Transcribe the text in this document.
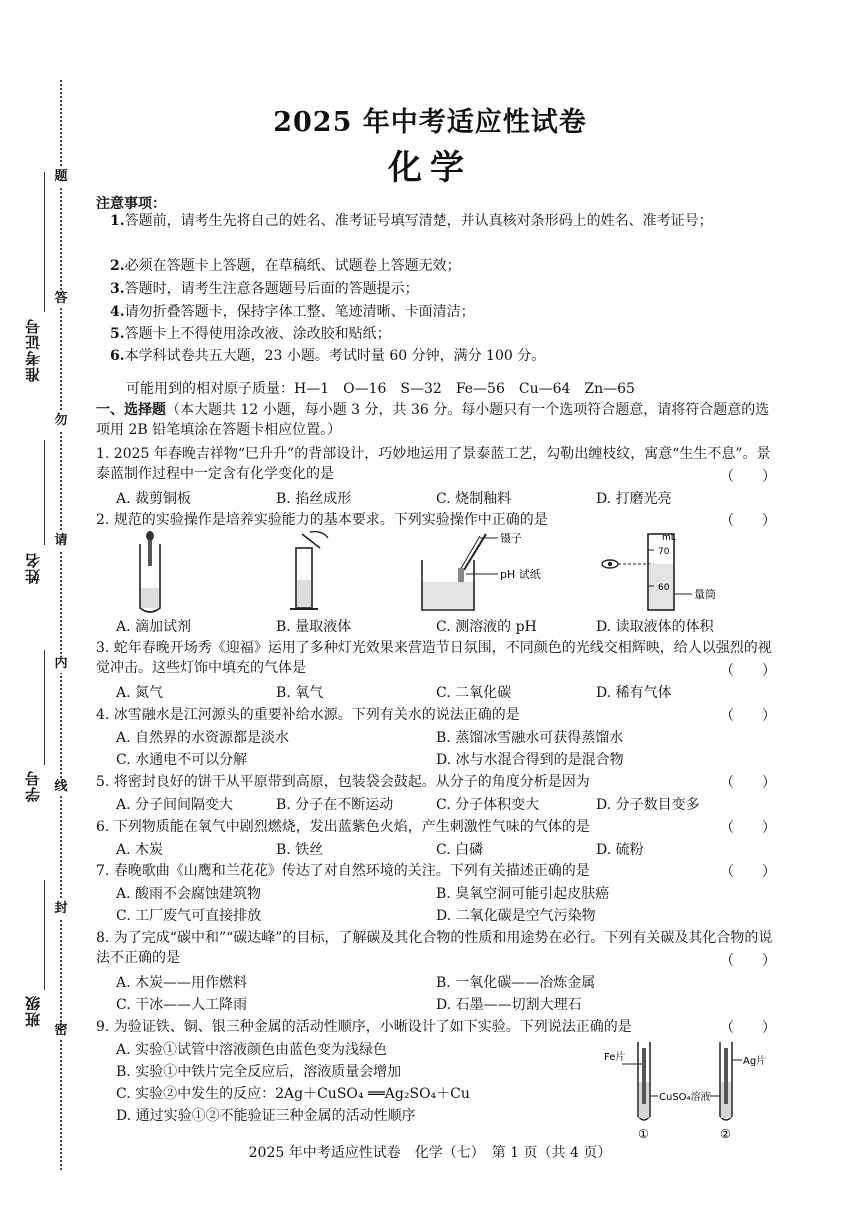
题
答
勿
请
内
线
封
密
准考证号
姓名
学号
班级
2025 年中考适应性试卷
化学
注意事项：
1.答题前，请考生先将自己的姓名、准考证号填写清楚，并认真核对条形码上的姓名、准考证号；
2.必须在答题卡上答题，在草稿纸、试题卷上答题无效；
3.答题时，请考生注意各题题号后面的答题提示；
4.请勿折叠答题卡，保持字体工整、笔迹清晰、卡面清洁；
5.答题卡上不得使用涂改液、涂改胶和贴纸；
6.本学科试卷共五大题，23 小题。考试时量 60 分钟，满分 100 分。
可能用到的相对原子质量：H—1　O—16　S—32　Fe—56　Cu—64　Zn—65
一、选择题（本大题共 12 小题，每小题 3 分，共 36 分。每小题只有一个选项符合题意，请将符合题意的选项用 2B 铅笔填涂在答题卡相应位置。）
1. 2025 年春晚吉祥物“巳升升”的背部设计，巧妙地运用了景泰蓝工艺，勾勒出缠枝纹，寓意“生生不息”。景泰蓝制作过程中一定含有化学变化的是	（　　）
A. 裁剪铜板	B. 掐丝成形	C. 烧制釉料	D. 打磨光亮
2. 规范的实验操作是培养实验能力的基本要求。下列实验操作中正确的是	（　　）
镊子
pH 试纸
mL
70
60 量筒
A. 滴加试剂	B. 量取液体	C. 测溶液的 pH	D. 读取液体的体积
3. 蛇年春晚开场秀《迎福》运用了多种灯光效果来营造节日氛围，不同颜色的光线交相辉映，给人以强烈的视觉冲击。这些灯饰中填充的气体是	（　　）
A. 氮气	B. 氧气	C. 二氧化碳	D. 稀有气体
4. 冰雪融水是江河源头的重要补给水源。下列有关水的说法正确的是	（　　）
A. 自然界的水资源都是淡水	B. 蒸馏冰雪融水可获得蒸馏水
C. 水通电不可以分解	D. 冰与水混合得到的是混合物
5. 将密封良好的饼干从平原带到高原，包装袋会鼓起。从分子的角度分析是因为	（　　）
A. 分子间间隔变大	B. 分子在不断运动	C. 分子体积变大	D. 分子数目变多
6. 下列物质能在氧气中剧烈燃烧，发出蓝紫色火焰，产生刺激性气味的气体的是	（　　）
A. 木炭	B. 铁丝	C. 白磷	D. 硫粉
7. 春晚歌曲《山鹰和兰花花》传达了对自然环境的关注。下列有关描述正确的是	（　　）
A. 酸雨不会腐蚀建筑物	B. 臭氧空洞可能引起皮肤癌
C. 工厂废气可直接排放	D. 二氧化碳是空气污染物
8. 为了完成“碳中和”“碳达峰”的目标，了解碳及其化合物的性质和用途势在必行。下列有关碳及其化合物的说法不正确的是	（　　）
A. 木炭——用作燃料	B. 一氧化碳——冶炼金属
C. 干冰——人工降雨	D. 石墨——切割大理石
9. 为验证铁、铜、银三种金属的活动性顺序，小晰设计了如下实验。下列说法正确的是	（　　）
A. 实验①试管中溶液颜色由蓝色变为浅绿色
B. 实验①中铁片完全反应后，溶液质量会增加
C. 实验②中发生的反应：2Ag＋CuSO₄ ══Ag₂SO₄＋Cu
D. 通过实验①②不能验证三种金属的活动性顺序
Fe片	Ag片
CuSO₄溶液
①	②
2025 年中考适应性试卷　化学（七）　第 1 页（共 4 页）
